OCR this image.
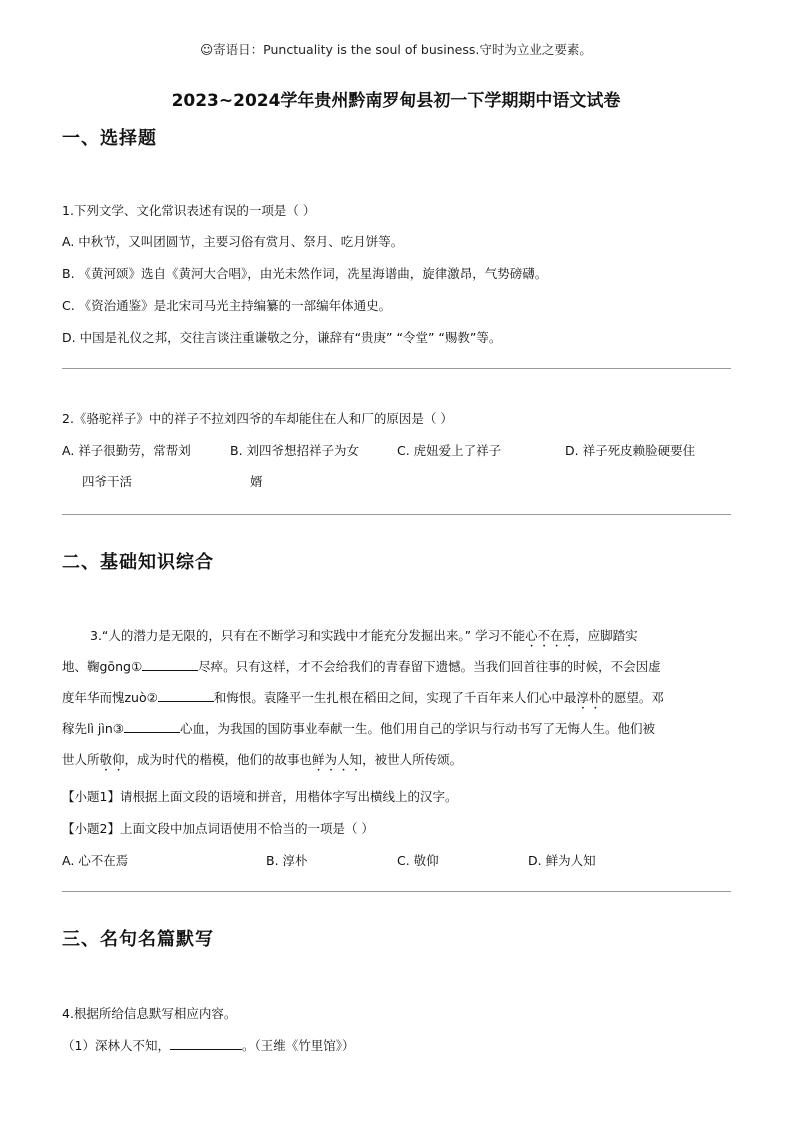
☺寄语日：Punctuality is the soul of business.守时为立业之要素。
2023~2024学年贵州黔南罗甸县初一下学期期中语文试卷
一、选择题
1.下列文学、文化常识表述有误的一项是（ ）
A. 中秋节，又叫团圆节，主要习俗有赏月、祭月、吃月饼等。
B. 《黄河颂》选自《黄河大合唱》，由光未然作词，冼星海谱曲，旋律激昂，气势磅礴。
C. 《资治通鉴》是北宋司马光主持编纂的一部编年体通史。
D. 中国是礼仪之邦，交往言谈注重谦敬之分，谦辞有“贵庚” “令堂” “赐教”等。
2.《骆驼祥子》中的祥子不拉刘四爷的车却能住在人和厂的原因是（ ）
A. 祥子很勤劳，常帮刘
四爷干活
B. 刘四爷想招祥子为女
婿
C. 虎妞爱上了祥子	D. 祥子死皮赖脸硬要住
二、基础知识综合
3.“人的潜力是无限的，只有在不断学习和实践中才能充分发掘出来。” 学习不能心不在焉，应脚踏实
地、鞠gōng①	尽瘁。只有这样，才不会给我们的青春留下遗憾。当我们回首往事的时候，不会因虚
度年华而愧zuò②	和悔恨。袁隆平一生扎根在稻田之间，实现了千百年来人们心中最淳朴的愿望。邓
稼先lì jìn③	心血，为我国的国防事业奉献一生。他们用自己的学识与行动书写了无悔人生。他们被
世人所敬仰，成为时代的楷模，他们的故事也鲜为人知，被世人所传颂。
【小题1】请根据上面文段的语境和拼音，用楷体字写出横线上的汉字。
【小题2】上面文段中加点词语使用不恰当的一项是（ ）
A. 心不在焉	B. 淳朴	C. 敬仰	D. 鲜为人知
三、名句名篇默写
4.根据所给信息默写相应内容。
（1）深林人不知，	。（王维《竹里馆》）
